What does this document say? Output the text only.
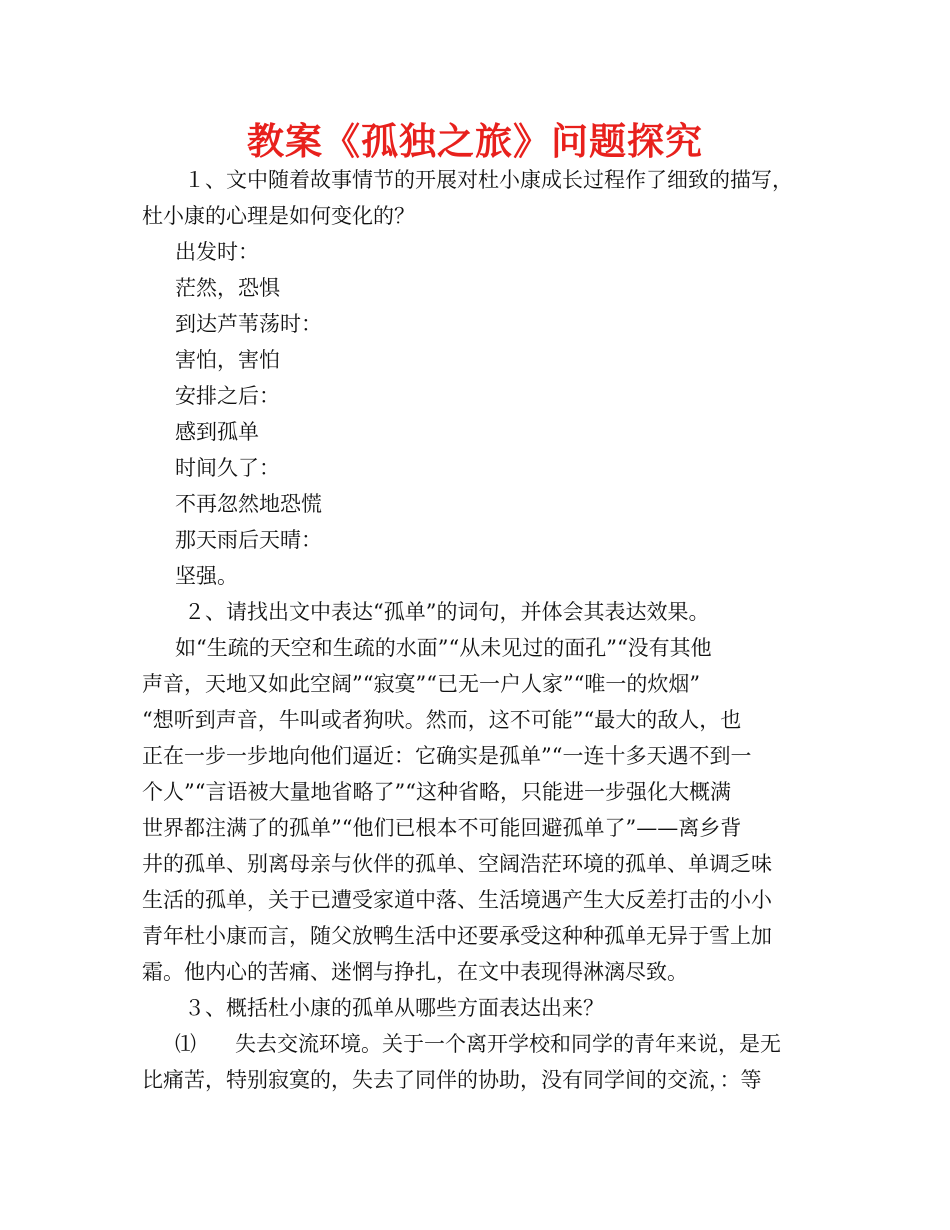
教案《孤独之旅》问题探究
１、文中随着故事情节的开展对杜小康成长过程作了细致的描写，
杜小康的心理是如何变化的？
出发时：
茫然，恐惧
到达芦苇荡时：
害怕，害怕
安排之后：
感到孤单
时间久了：
不再忽然地恐慌
那天雨后天晴：
坚强。
２、请找出文中表达“孤单”的词句，并体会其表达效果。
如“生疏的天空和生疏的水面”“从未见过的面孔”“没有其他
声音，天地又如此空阔”“寂寞”“已无一户人家”“唯一的炊烟”
“想听到声音，牛叫或者狗吠。然而，这不可能”“最大的敌人，也
正在一步一步地向他们逼近：它确实是孤单”“一连十多天遇不到一
个人”“言语被大量地省略了”“这种省略，只能进一步强化大概满
世界都注满了的孤单”“他们已根本不可能回避孤单了”——离乡背
井的孤单、别离母亲与伙伴的孤单、空阔浩茫环境的孤单、单调乏味
生活的孤单，关于已遭受家道中落、生活境遇产生大反差打击的小小
青年杜小康而言，随父放鸭生活中还要承受这种种孤单无异于雪上加
霜。他内心的苦痛、迷惘与挣扎，在文中表现得淋漓尽致。
３、概括杜小康的孤单从哪些方面表达出来？
⑴ 失去交流环境。关于一个离开学校和同学的青年来说，是无
比痛苦，特别寂寞的，失去了同伴的协助，没有同学间的交流，：等
